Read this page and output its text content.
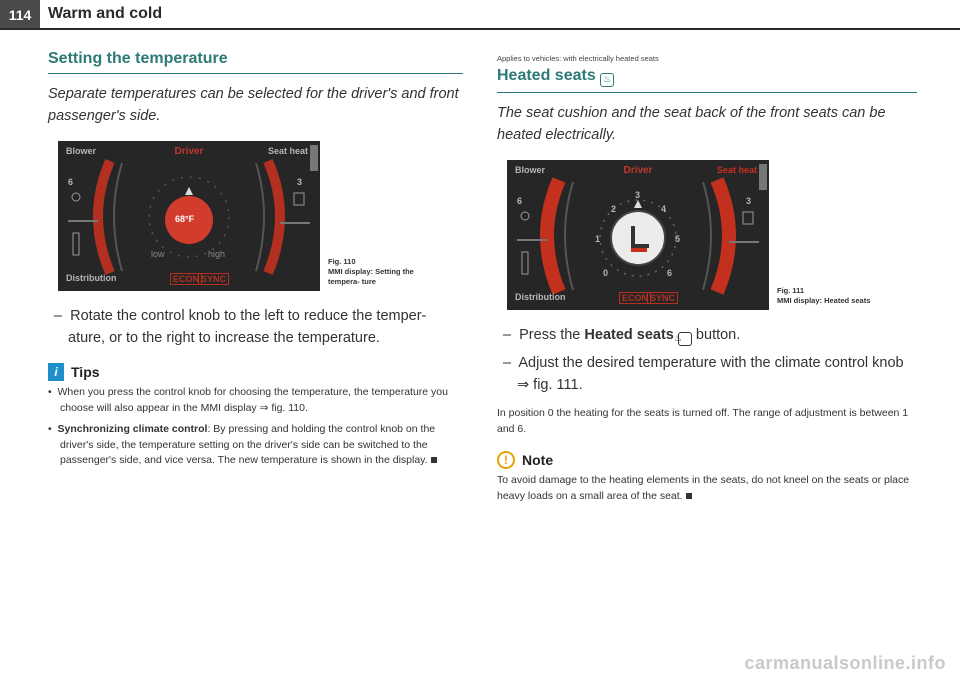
114	Warm and cold
Setting the temperature

Separate temperatures can be selected for the driver's and front passenger's side.

Blower	Driver	Seat heat
6	3
68°F
low	high
Distribution	ECON SYNC
Fig. 110
MMI display: Setting the tempera- ture

–  Rotate the control knob to the left to reduce the temper- ature, or to the right to increase the temperature.

i Tips

•  When you press the control knob for choosing the temperature, the temperature you choose will also appear in the MMI display ⇒ fig. 110.

•  Synchronizing climate control: By pressing and holding the control knob on the driver's side, the temperature setting on the driver's side can be switched to the passenger's side, and vice versa. The new temperature is shown in the display.

Applies to vehicles: with electrically heated seats

Heated seats ♨

The seat cushion and the seat back of the front seats can be heated electrically.

Blower	Driver	Seat heat
6	3
0
1
2
3
4
5
6
Distribution	ECON SYNC
Fig. 111
MMI display: Heated seats

–  Press the Heated seats ♨ button.

–  Adjust the desired temperature with the climate control knob ⇒ fig. 111.

In position 0 the heating for the seats is turned off. The range of adjustment is between 1 and 6.

!	Note

To avoid damage to the heating elements in the seats, do not kneel on the seats or place heavy loads on a small area of the seat.

carmanualsonline.info
